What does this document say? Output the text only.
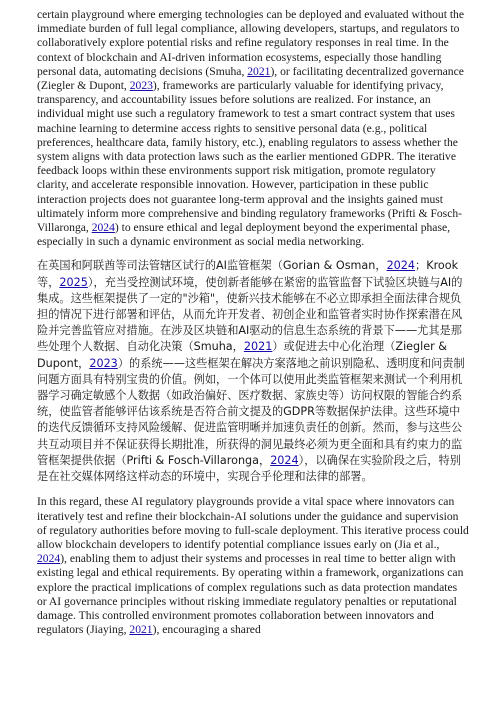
certain playground where emerging technologies can be deployed and evaluated without the immediate burden of full legal compliance, allowing developers, startups, and regulators to collaboratively explore potential risks and refine regulatory responses in real time. In the context of blockchain and AI-driven information ecosystems, especially those handling personal data, automating decisions (Smuha, 2021), or facilitating decentralized governance (Ziegler & Dupont, 2023), frameworks are particularly valuable for identifying privacy, transparency, and accountability issues before solutions are realized. For instance, an individual might use such a regulatory framework to test a smart contract system that uses machine learning to determine access rights to sensitive personal data (e.g., political preferences, healthcare data, family history, etc.), enabling regulators to assess whether the system aligns with data protection laws such as the earlier mentioned GDPR. The iterative feedback loops within these environments support risk mitigation, promote regulatory clarity, and accelerate responsible innovation. However, participation in these public interaction projects does not guarantee long-term approval and the insights gained must ultimately inform more comprehensive and binding regulatory frameworks (Prifti & Fosch-Villaronga, 2024) to ensure ethical and legal deployment beyond the experimental phase, especially in such a dynamic environment as social media networking.

在英国和阿联酋等司法管辖区试行的AI监管框架（Gorian & Osman，2024；Krook 等，2025），充当受控测试环境，使创新者能够在紧密的监管监督下试验区块链与AI的集成。这些框架提供了一定的"沙箱"，使新兴技术能够在不必立即承担全面法律合规负担的情况下进行部署和评估，从而允许开发者、初创企业和监管者实时协作探索潜在风险并完善监管应对措施。在涉及区块链和AI驱动的信息生态系统的背景下——尤其是那些处理个人数据、自动化决策（Smuha，2021）或促进去中心化治理（Ziegler & Dupont，2023）的系统——这些框架在解决方案落地之前识别隐私、透明度和问责制问题方面具有特别宝贵的价值。例如，一个体可以使用此类监管框架来测试一个利用机器学习确定敏感个人数据（如政治偏好、医疗数据、家族史等）访问权限的智能合约系统，使监管者能够评估该系统是否符合前文提及的GDPR等数据保护法律。这些环境中的迭代反馈循环支持风险缓解、促进监管明晰并加速负责任的创新。然而，参与这些公共互动项目并不保证获得长期批准，所获得的洞见最终必须为更全面和具有约束力的监管框架提供依据（Prifti & Fosch-Villaronga，2024），以确保在实验阶段之后，特别是在社交媒体网络这样动态的环境中，实现合乎伦理和法律的部署。

In this regard, these AI regulatory playgrounds provide a vital space where innovators can iteratively test and refine their blockchain-AI solutions under the guidance and supervision of regulatory authorities before moving to full-scale deployment. This iterative process could allow blockchain developers to identify potential compliance issues early on (Jia et al., 2024), enabling them to adjust their systems and processes in real time to better align with existing legal and ethical requirements. By operating within a framework, organizations can explore the practical implications of complex regulations such as data protection mandates or AI governance principles without risking immediate regulatory penalties or reputational damage. This controlled environment promotes collaboration between innovators and regulators (Jiaying, 2021), encouraging a shared
